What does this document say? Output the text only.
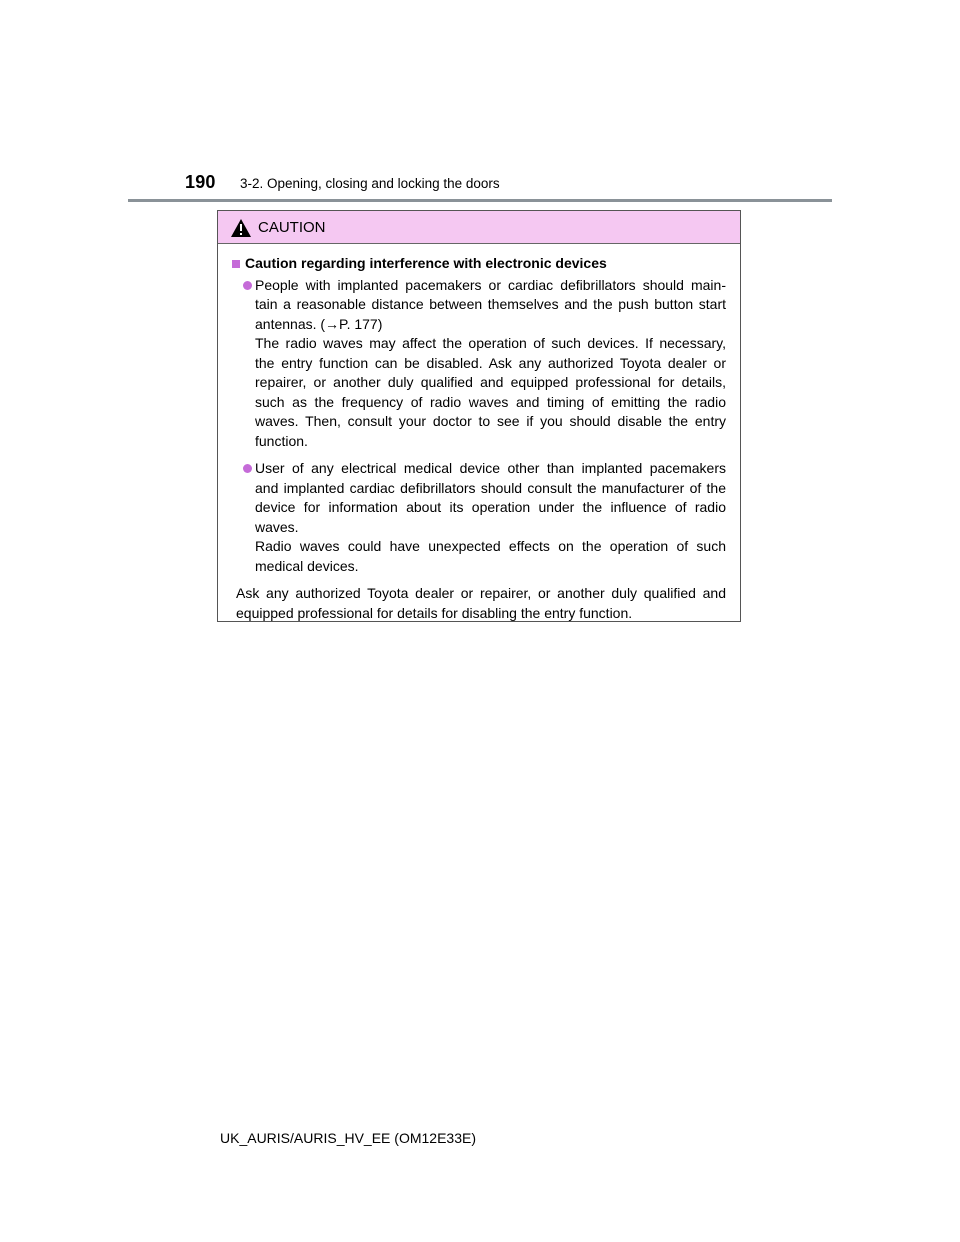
190 3-2. Opening, closing and locking the doors
CAUTION
Caution regarding interference with electronic devices
People with implanted pacemakers or cardiac defibrillators should main-
tain a reasonable distance between themselves and the push button start
antennas. (→P. 177)
The radio waves may affect the operation of such devices. If necessary,
the entry function can be disabled. Ask any authorized Toyota dealer or
repairer, or another duly qualified and equipped professional for details,
such as the frequency of radio waves and timing of emitting the radio
waves. Then, consult your doctor to see if you should disable the entry
function.
User of any electrical medical device other than implanted pacemakers
and implanted cardiac defibrillators should consult the manufacturer of the
device for information about its operation under the influence of radio
waves.
Radio waves could have unexpected effects on the operation of such
medical devices.
Ask any authorized Toyota dealer or repairer, or another duly qualified and
equipped professional for details for disabling the entry function.
UK_AURIS/AURIS_HV_EE (OM12E33E)
